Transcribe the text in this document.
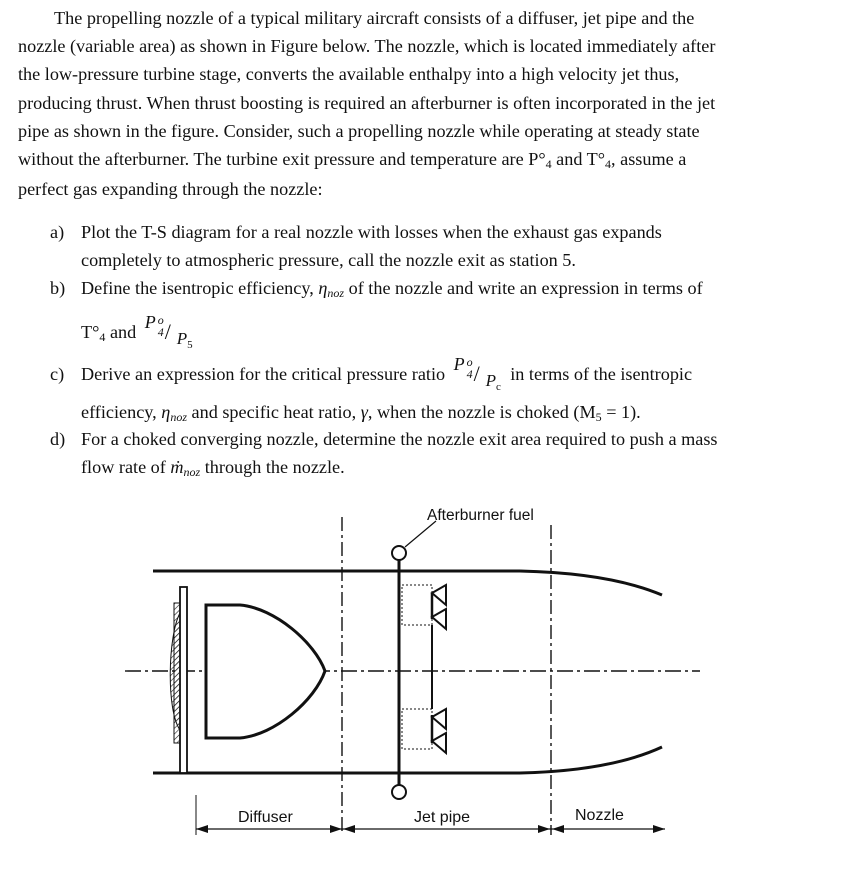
The propelling nozzle of a typical military aircraft consists of a diffuser, jet pipe and the
nozzle (variable area) as shown in Figure below. The nozzle, which is located immediately after
the low-pressure turbine stage, converts the available enthalpy into a high velocity jet thus,
producing thrust. When thrust boosting is required an afterburner is often incorporated in the jet
pipe as shown in the figure. Consider, such a propelling nozzle while operating at steady state
without the afterburner. The turbine exit pressure and temperature are P°4 and T°4, assume a
perfect gas expanding through the nozzle:
a) Plot the T-S diagram for a real nozzle with losses when the exhaust gas expands
completely to atmospheric pressure, call the nozzle exit as station 5.
b) Define the isentropic efficiency, ηnoz of the nozzle and write an expression in terms of
T°4 and P o
$4 / P_5$
c) Derive an expression for the critical pressure ratio P o
$4 / P_c$
in terms of the isentropic
efficiency, ηnoz and specific heat ratio, γ, when the nozzle is choked (M5 = 1).
d) For a choked converging nozzle, determine the nozzle exit area required to push a mass
flow rate of ṁnoz through the nozzle.
Afterburner fuel
Diffuser	Jet pipe	Nozzle
